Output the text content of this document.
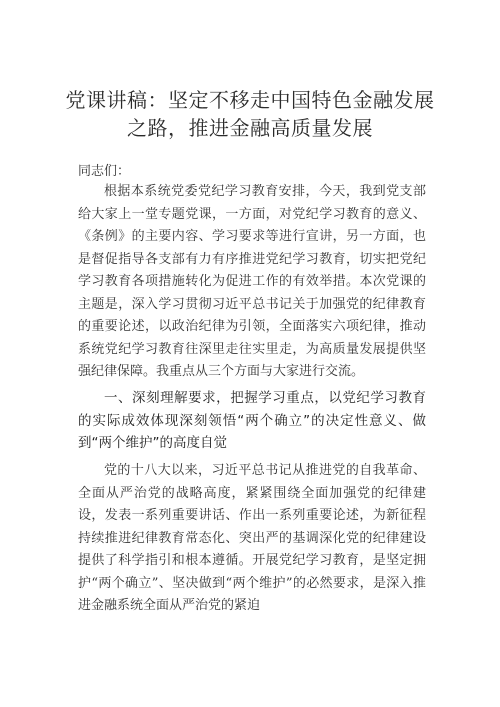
党课讲稿：坚定不移走中国特色金融发展
之路，推进金融高质量发展
同志们：

根据本系统党委党纪学习教育安排，今天，我到党支部给大家上一堂专题党课，一方面，对党纪学习教育的意义、《条例》的主要内容、学习要求等进行宣讲，另一方面，也是督促指导各支部有力有序推进党纪学习教育，切实把党纪学习教育各项措施转化为促进工作的有效举措。本次党课的主题是，深入学习贯彻习近平总书记关于加强党的纪律教育的重要论述，以政治纪律为引领，全面落实六项纪律，推动系统党纪学习教育往深里走往实里走，为高质量发展提供坚强纪律保障。我重点从三个方面与大家进行交流。

一、深刻理解要求，把握学习重点，以党纪学习教育的实际成效体现深刻领悟“两个确立”的决定性意义、做到“两个维护”的高度自觉

党的十八大以来，习近平总书记从推进党的自我革命、全面从严治党的战略高度，紧紧围绕全面加强党的纪律建设，发表一系列重要讲话、作出一系列重要论述，为新征程持续推进纪律教育常态化、突出严的基调深化党的纪律建设提供了科学指引和根本遵循。开展党纪学习教育，是坚定拥护“两个确立”、坚决做到“两个维护”的必然要求，是深入推进金融系统全面从严治党的紧迫
